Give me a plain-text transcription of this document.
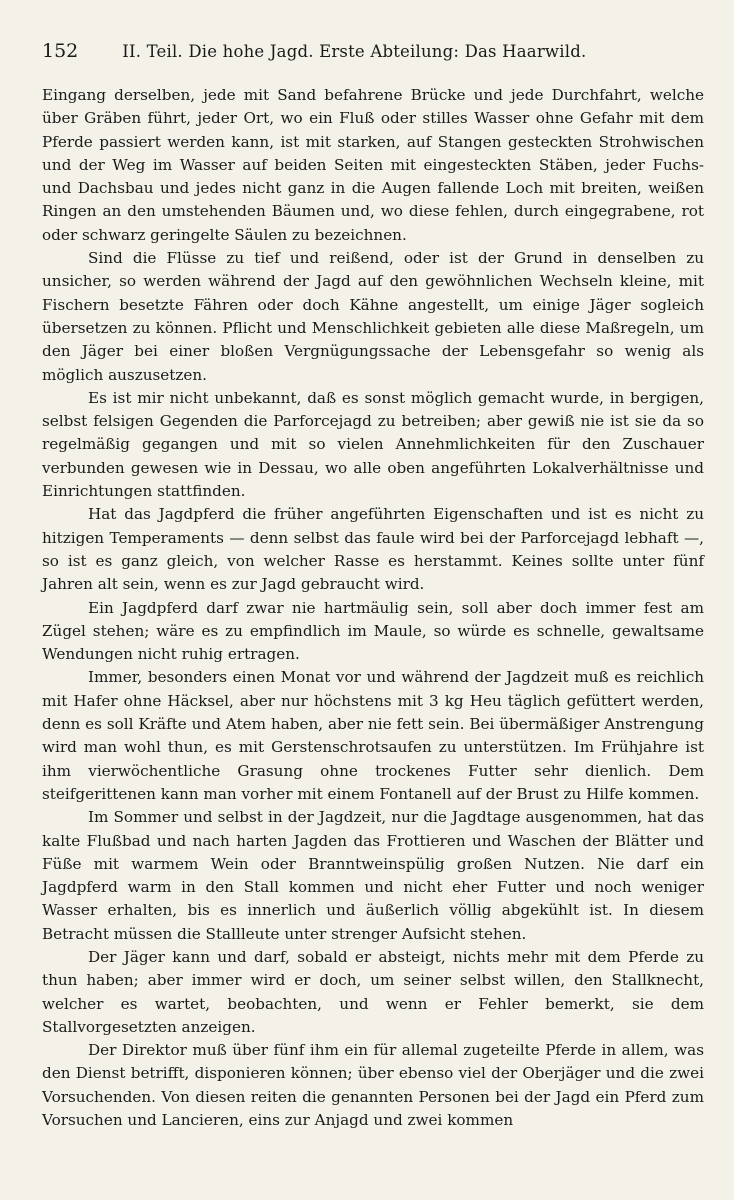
152	II. Teil. Die hohe Jagd. Erste Abteilung: Das Haarwild.

Eingang derselben, jede mit Sand befahrene Brücke und jede Durchfahrt, welche über Gräben führt, jeder Ort, wo ein Fluß oder stilles Wasser ohne Gefahr mit dem Pferde passiert werden kann, ist mit starken, auf Stangen gesteckten Strohwischen und der Weg im Wasser auf beiden Seiten mit eingesteckten Stäben, jeder Fuchs- und Dachsbau und jedes nicht ganz in die Augen fallende Loch mit breiten, weißen Ringen an den umstehenden Bäumen und, wo diese fehlen, durch eingegrabene, rot oder schwarz geringelte Säulen zu bezeichnen.

Sind die Flüsse zu tief und reißend, oder ist der Grund in denselben zu unsicher, so werden während der Jagd auf den gewöhnlichen Wechseln kleine, mit Fischern besetzte Fähren oder doch Kähne angestellt, um einige Jäger sogleich übersetzen zu können. Pflicht und Menschlichkeit gebieten alle diese Maßregeln, um den Jäger bei einer bloßen Vergnügungssache der Lebensgefahr so wenig als möglich auszusetzen.

Es ist mir nicht unbekannt, daß es sonst möglich gemacht wurde, in bergigen, selbst felsigen Gegenden die Parforcejagd zu betreiben; aber gewiß nie ist sie da so regelmäßig gegangen und mit so vielen Annehmlichkeiten für den Zuschauer verbunden gewesen wie in Dessau, wo alle oben angeführten Lokalverhältnisse und Einrichtungen stattfinden.

Hat das Jagdpferd die früher angeführten Eigenschaften und ist es nicht zu hitzigen Temperaments — denn selbst das faule wird bei der Parforcejagd lebhaft —, so ist es ganz gleich, von welcher Rasse es herstammt. Keines sollte unter fünf Jahren alt sein, wenn es zur Jagd gebraucht wird.

Ein Jagdpferd darf zwar nie hartmäulig sein, soll aber doch immer fest am Zügel stehen; wäre es zu empfindlich im Maule, so würde es schnelle, gewaltsame Wendungen nicht ruhig ertragen.

Immer, besonders einen Monat vor und während der Jagdzeit muß es reichlich mit Hafer ohne Häcksel, aber nur höchstens mit 3 kg Heu täglich gefüttert werden, denn es soll Kräfte und Atem haben, aber nie fett sein. Bei übermäßiger Anstrengung wird man wohl thun, es mit Gerstenschrotsaufen zu unterstützen. Im Frühjahre ist ihm vierwöchentliche Grasung ohne trockenes Futter sehr dienlich. Dem steifgerittenen kann man vorher mit einem Fontanell auf der Brust zu Hilfe kommen.

Im Sommer und selbst in der Jagdzeit, nur die Jagdtage ausgenommen, hat das kalte Flußbad und nach harten Jagden das Frottieren und Waschen der Blätter und Füße mit warmem Wein oder Branntweinspülig großen Nutzen. Nie darf ein Jagdpferd warm in den Stall kommen und nicht eher Futter und noch weniger Wasser erhalten, bis es innerlich und äußerlich völlig abgekühlt ist. In diesem Betracht müssen die Stallleute unter strenger Aufsicht stehen.

Der Jäger kann und darf, sobald er absteigt, nichts mehr mit dem Pferde zu thun haben; aber immer wird er doch, um seiner selbst willen, den Stallknecht, welcher es wartet, beobachten, und wenn er Fehler bemerkt, sie dem Stallvorgesetzten anzeigen.

Der Direktor muß über fünf ihm ein für allemal zugeteilte Pferde in allem, was den Dienst betrifft, disponieren können; über ebenso viel der Oberjäger und die zwei Vorsuchenden. Von diesen reiten die genannten Personen bei der Jagd ein Pferd zum Vorsuchen und Lancieren, eins zur Anjagd und zwei kommen
